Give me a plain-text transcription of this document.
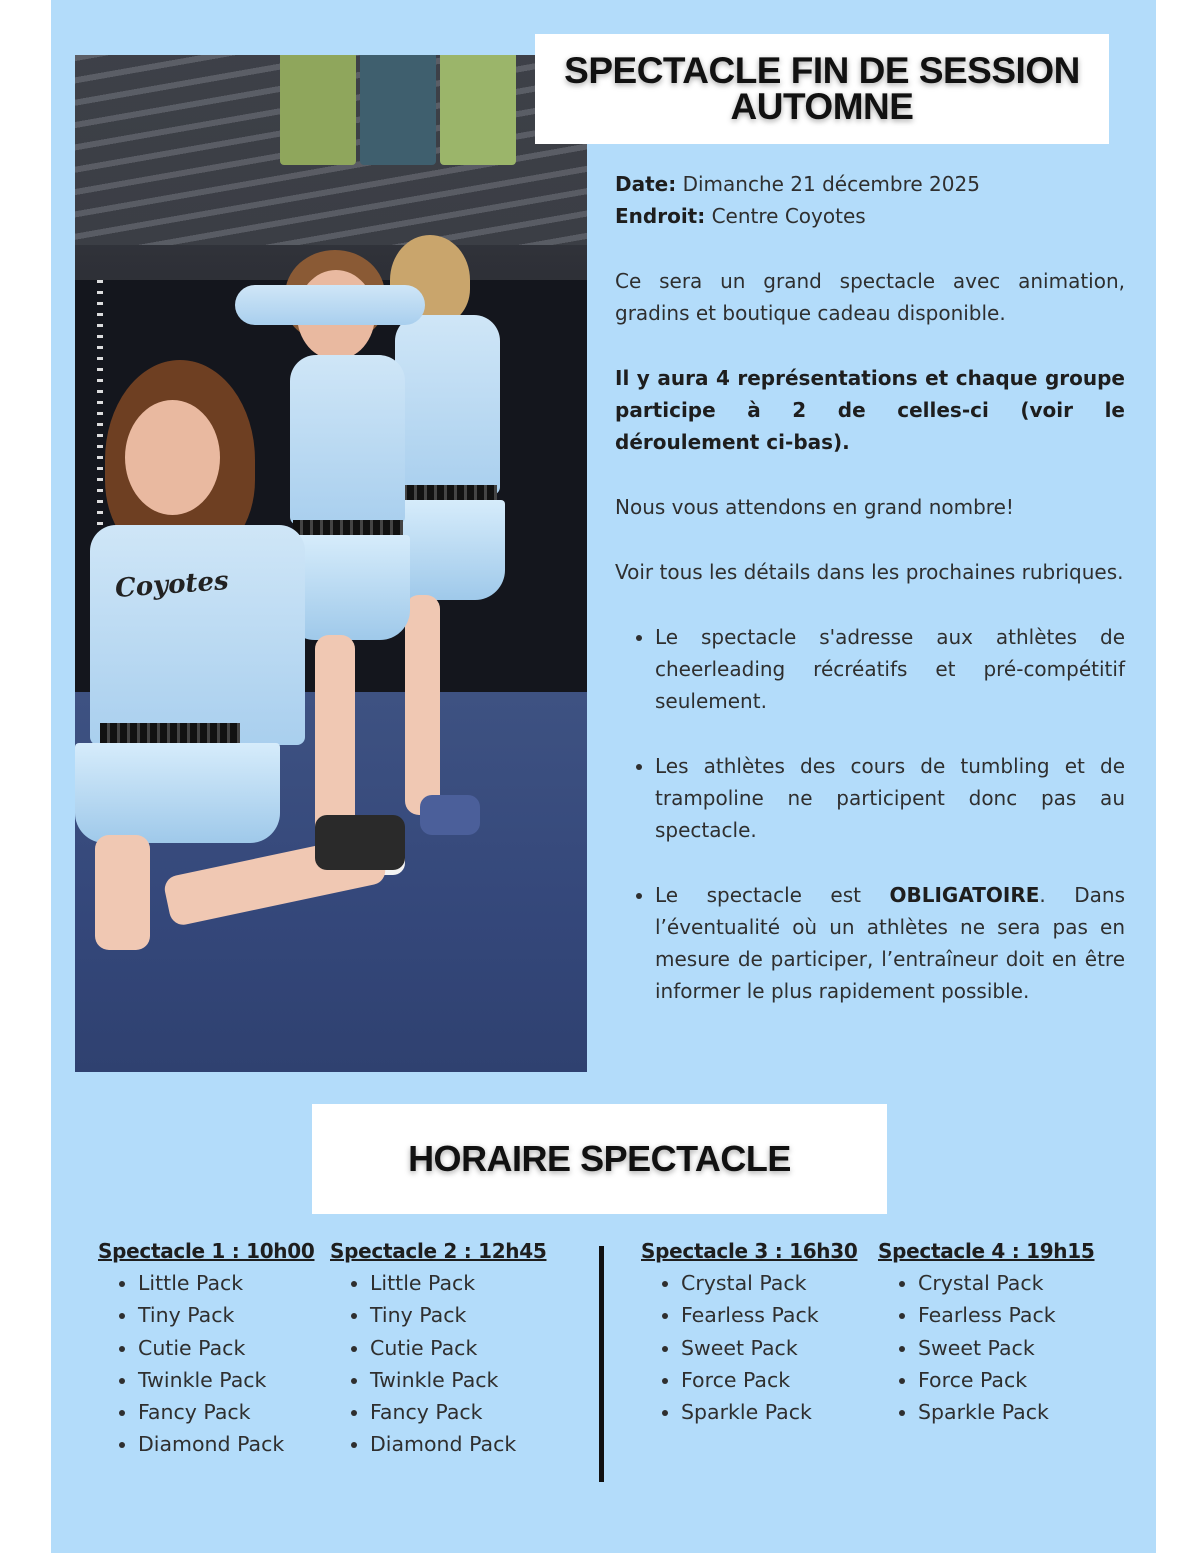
Coyotes
SPECTACLE FIN DE SESSION
AUTOMNE

Date: Dimanche 21 décembre 2025

Endroit: Centre Coyotes

Ce sera un grand spectacle avec animation, gradins et boutique cadeau disponible.

Il y aura 4 représentations et chaque groupe participe à 2 de celles-ci (voir le déroulement ci-bas).

Nous vous attendons en grand nombre!

Voir tous les détails dans les prochaines rubriques.

• Le spectacle s'adresse aux athlètes de cheerleading récréatifs et pré-compétitif seulement.
• Les athlètes des cours de tumbling et de trampoline ne participent donc pas au spectacle.
• Le spectacle est OBLIGATOIRE. Dans l’éventualité où un athlètes ne sera pas en mesure de participer, l’entraîneur doit en être informer le plus rapidement possible.
HORAIRE SPECTACLE
Spectacle 1 : 10h00
• Little Pack
• Tiny Pack
• Cutie Pack
• Twinkle Pack
• Fancy Pack
• Diamond Pack
Spectacle 2 : 12h45
• Little Pack
• Tiny Pack
• Cutie Pack
• Twinkle Pack
• Fancy Pack
• Diamond Pack
Spectacle 3 : 16h30
• Crystal Pack
• Fearless Pack
• Sweet Pack
• Force Pack
• Sparkle Pack
Spectacle 4 : 19h15
• Crystal Pack
• Fearless Pack
• Sweet Pack
• Force Pack
• Sparkle Pack
